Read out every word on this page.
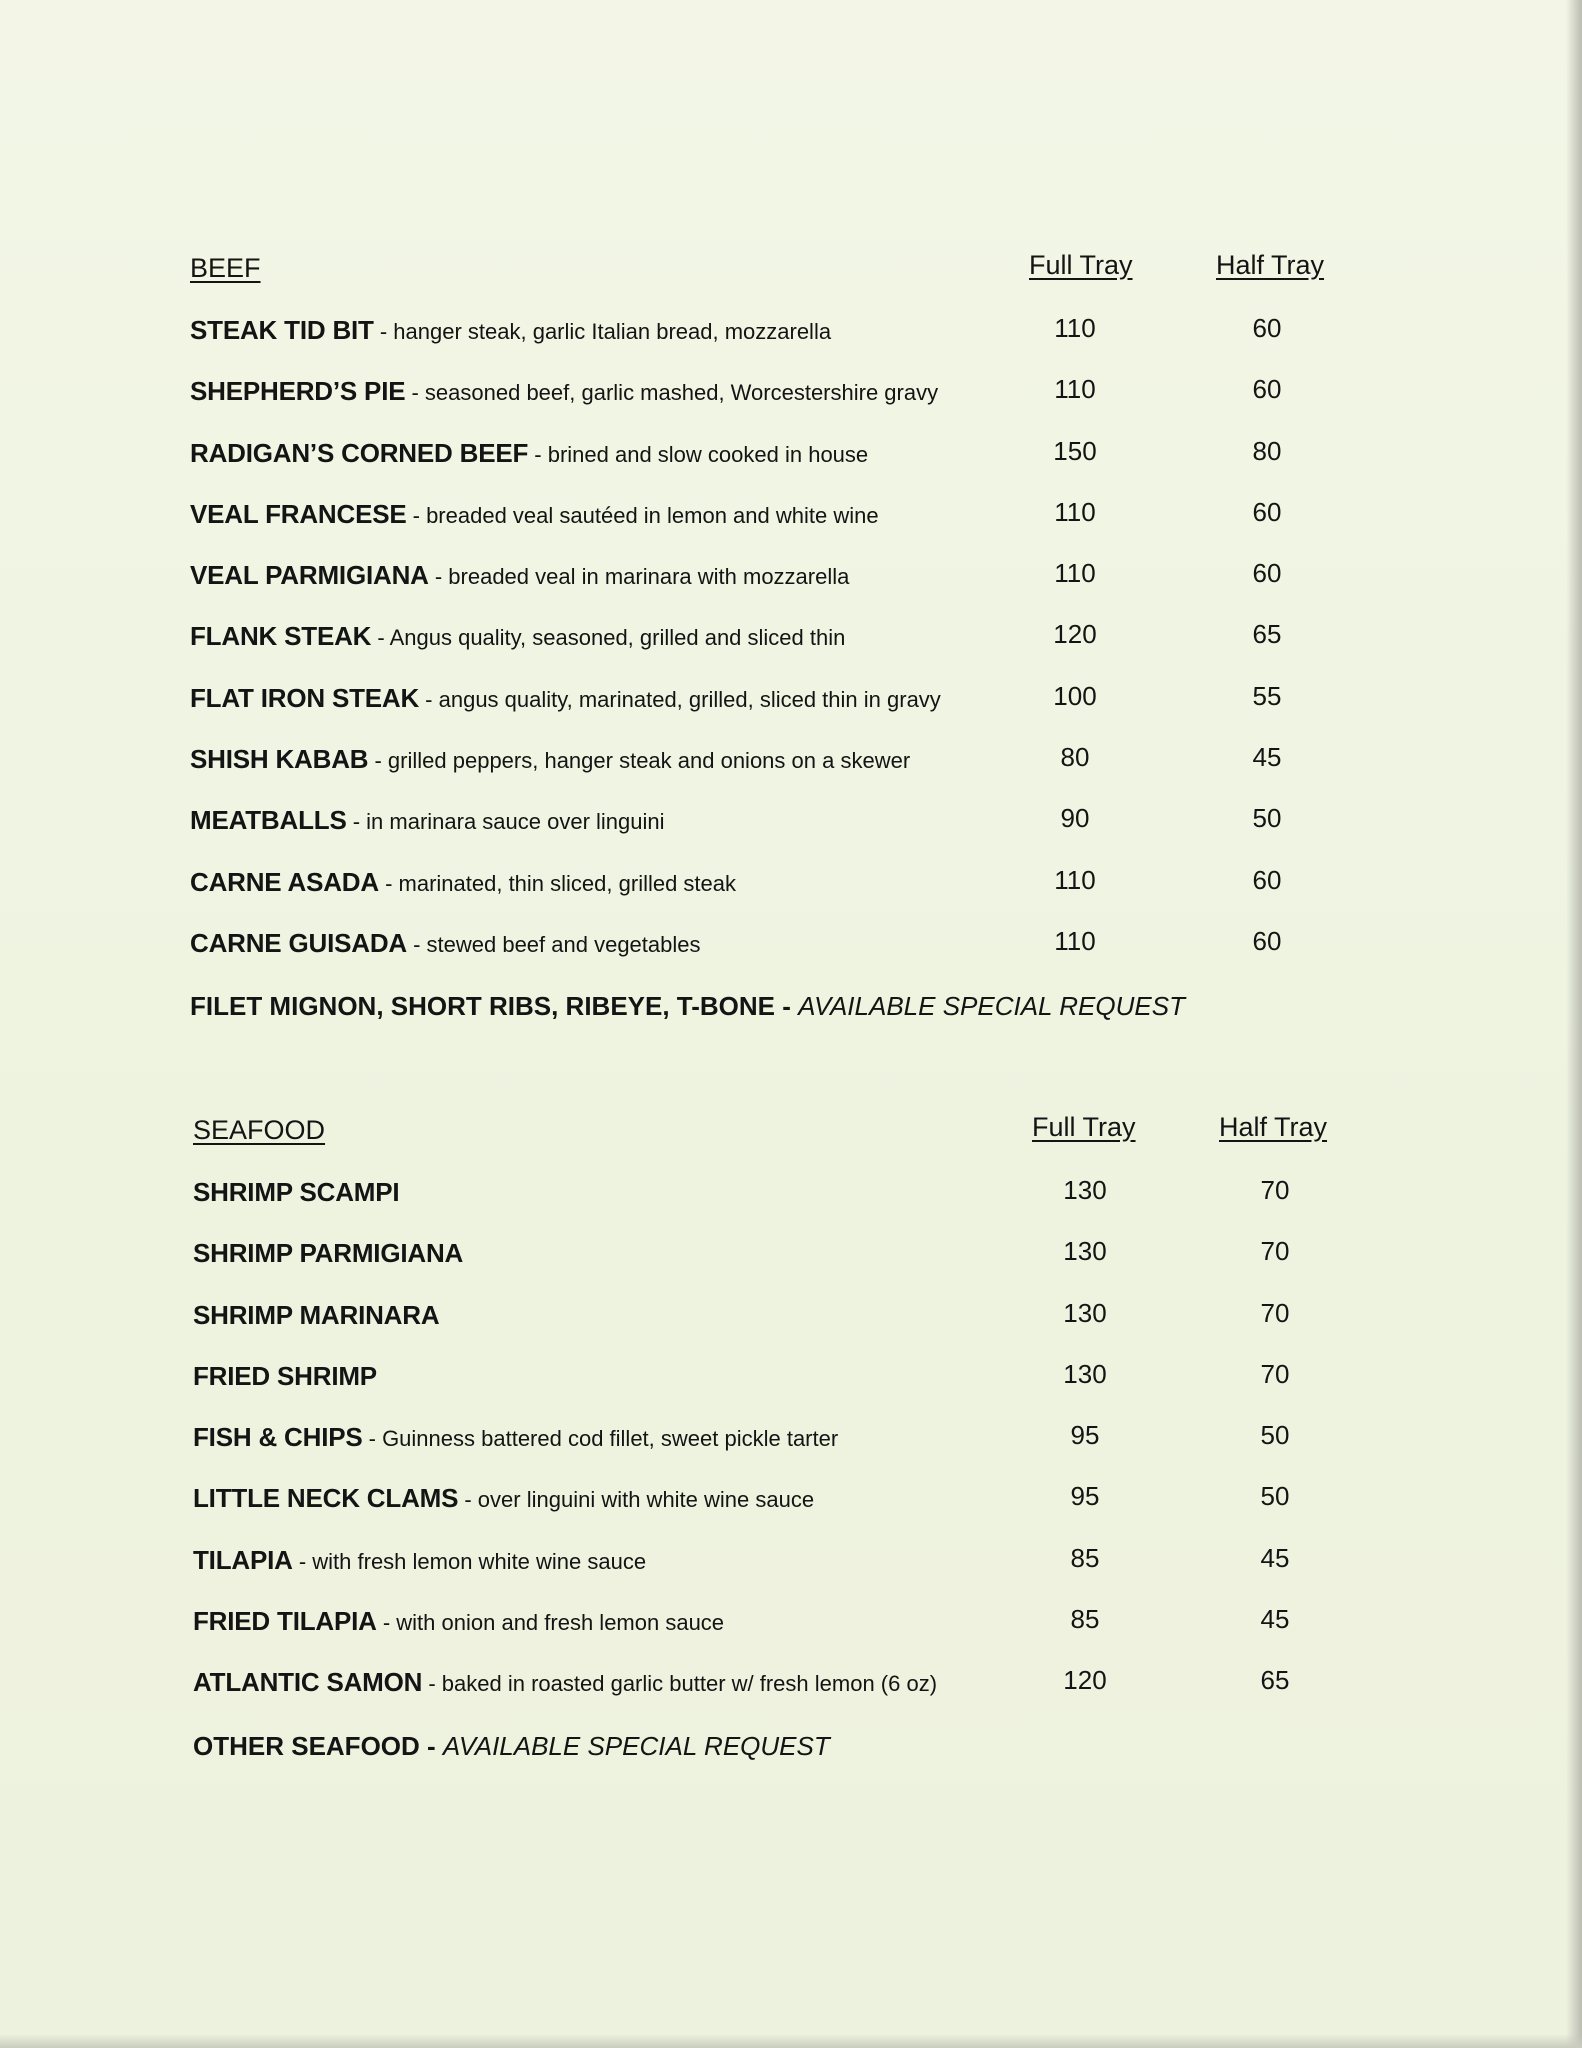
BEEF	Full Tray	Half Tray
STEAK TID BIT - hanger steak, garlic Italian bread, mozzarella	110	60
SHEPHERD’S PIE - seasoned beef, garlic mashed, Worcestershire gravy	110	60
RADIGAN’S CORNED BEEF - brined and slow cooked in house	150	80
VEAL FRANCESE - breaded veal sautéed in lemon and white wine	110	60
VEAL PARMIGIANA - breaded veal in marinara with mozzarella	110	60
FLANK STEAK - Angus quality, seasoned, grilled and sliced thin	120	65
FLAT IRON STEAK - angus quality, marinated, grilled, sliced thin in gravy	100	55
SHISH KABAB - grilled peppers, hanger steak and onions on a skewer	80	45
MEATBALLS - in marinara sauce over linguini	90	50
CARNE ASADA - marinated, thin sliced, grilled steak	110	60
CARNE GUISADA - stewed beef and vegetables	110	60
FILET MIGNON, SHORT RIBS, RIBEYE, T-BONE - AVAILABLE SPECIAL REQUEST
SEAFOOD	Full Tray	Half Tray
SHRIMP SCAMPI	130	70
SHRIMP PARMIGIANA	130	70
SHRIMP MARINARA	130	70
FRIED SHRIMP	130	70
FISH & CHIPS - Guinness battered cod fillet, sweet pickle tarter	95	50
LITTLE NECK CLAMS - over linguini with white wine sauce	95	50
TILAPIA - with fresh lemon white wine sauce	85	45
FRIED TILAPIA - with onion and fresh lemon sauce	85	45
ATLANTIC SAMON - baked in roasted garlic butter w/ fresh lemon (6 oz)	120	65
OTHER SEAFOOD - AVAILABLE SPECIAL REQUEST
